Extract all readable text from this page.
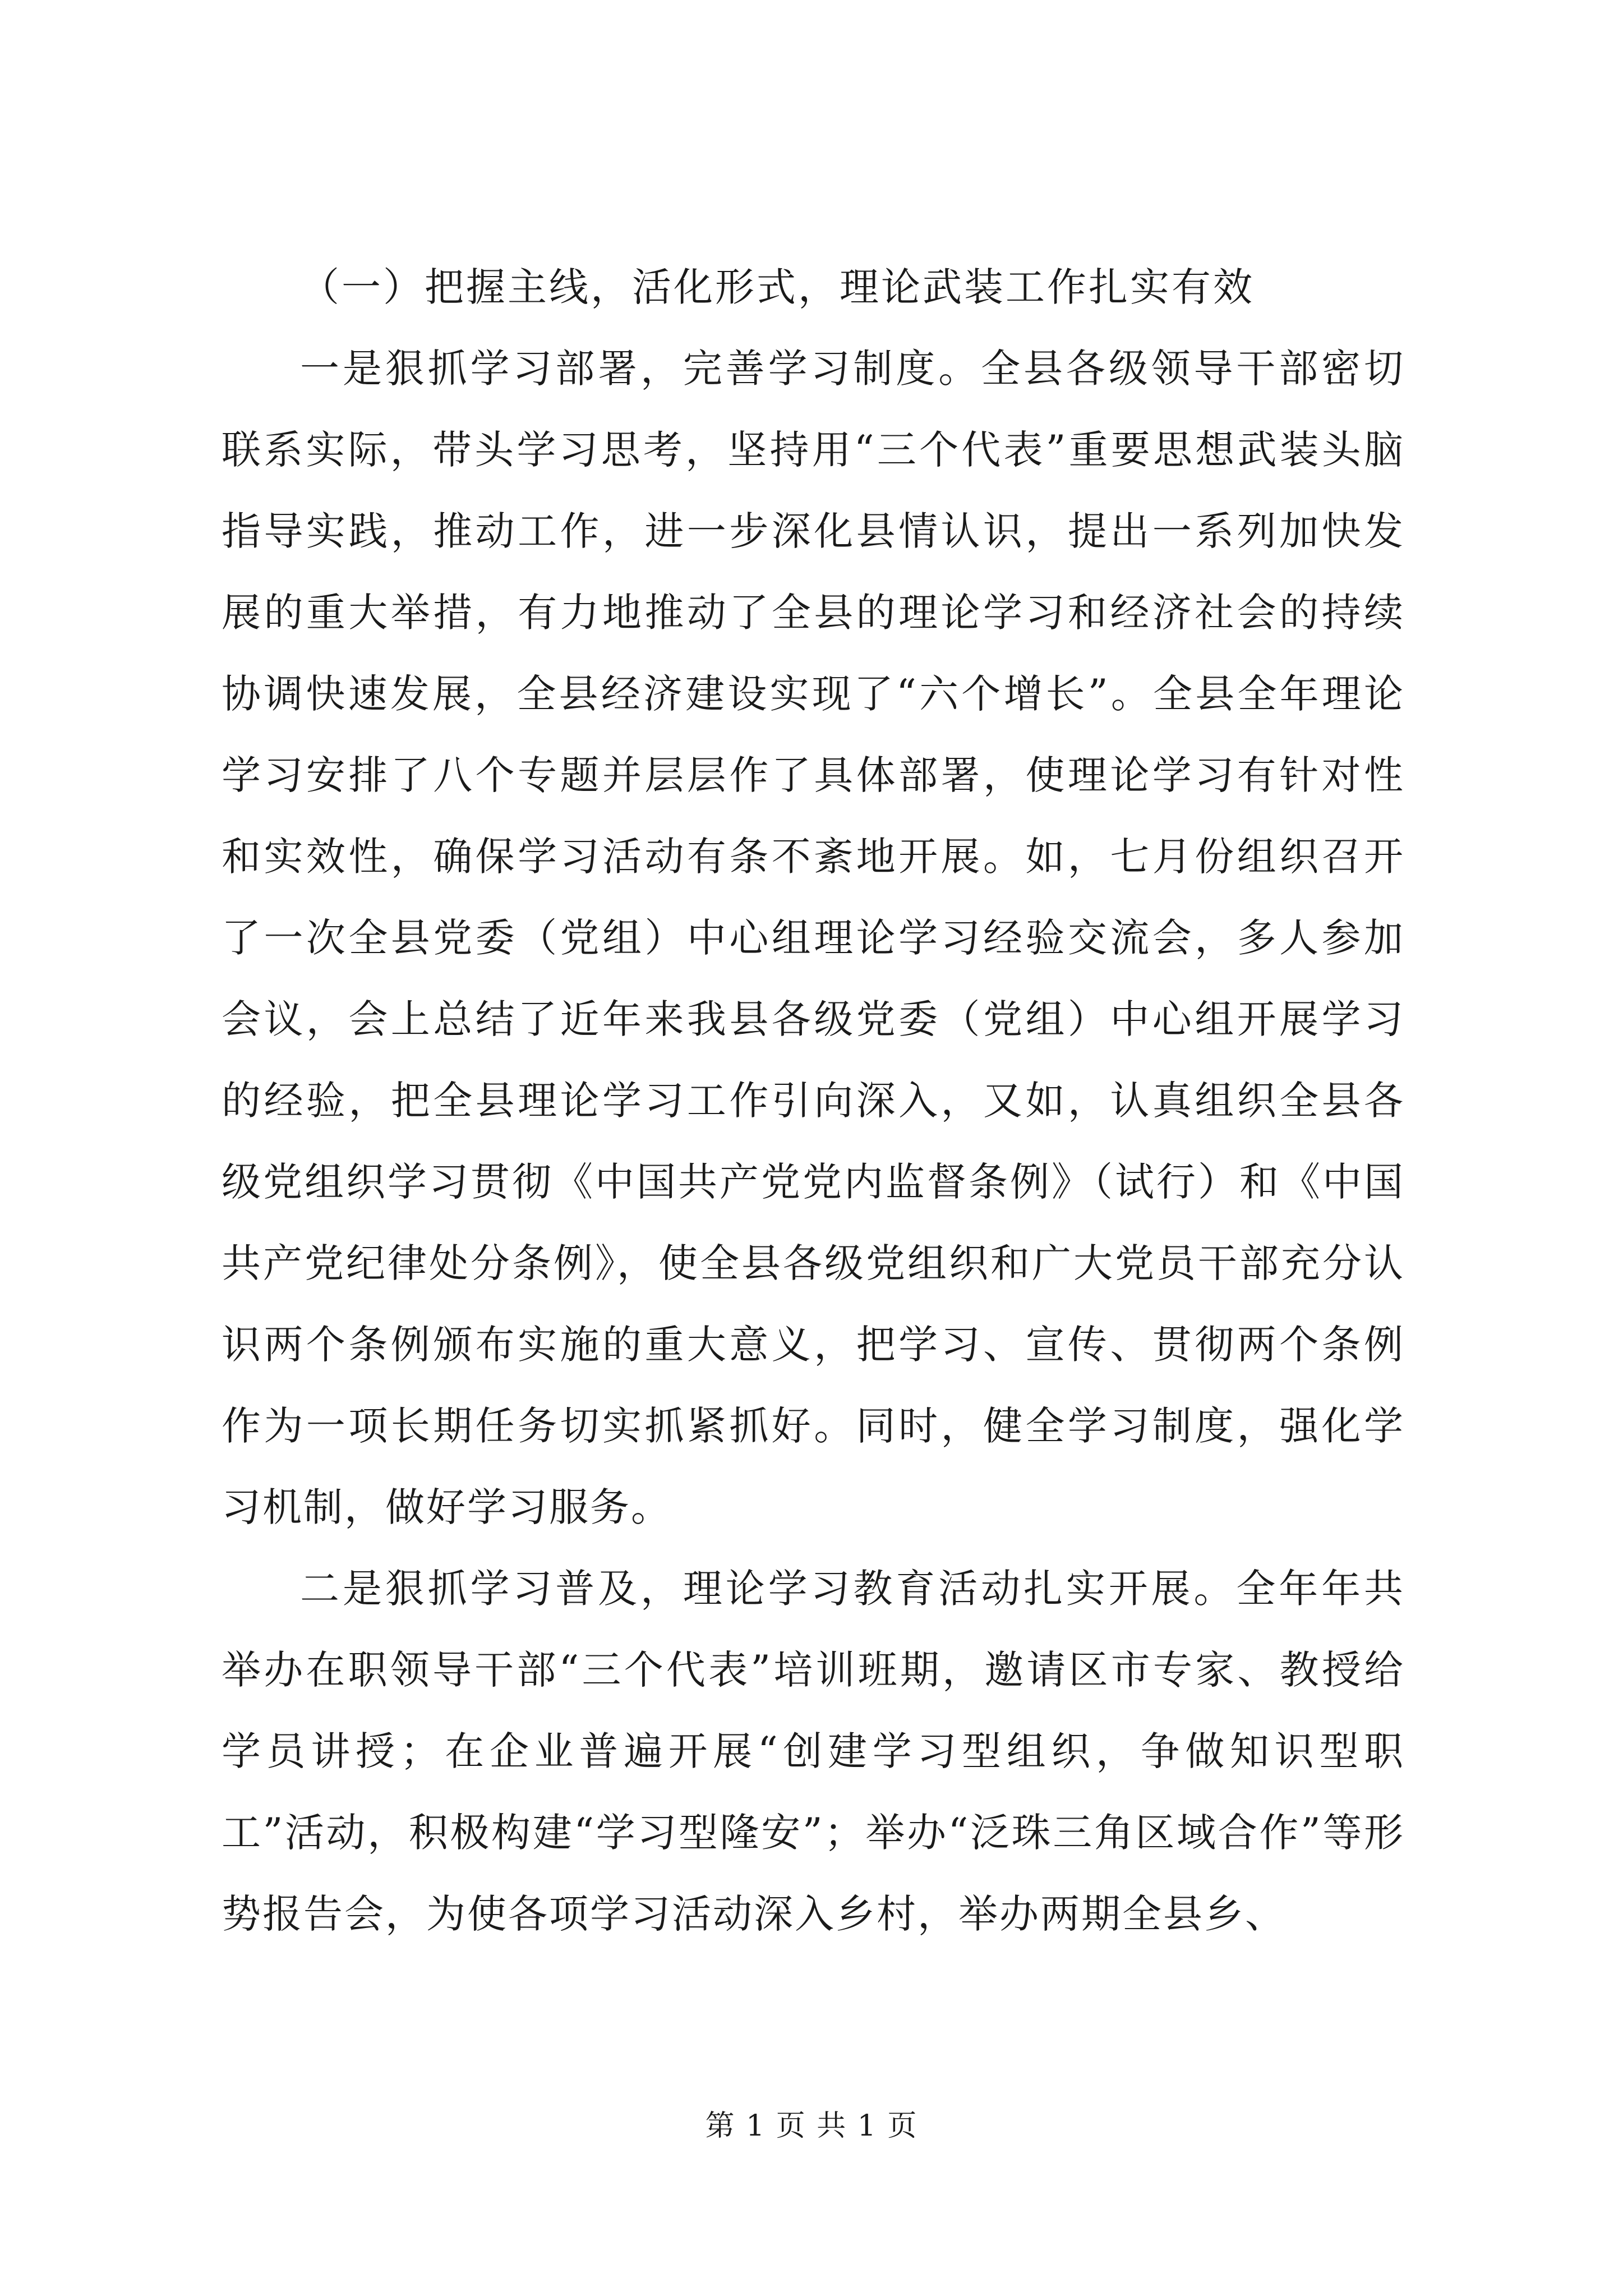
（一）把握主线，活化形式，理论武装工作扎实有效

一是狠抓学习部署，完善学习制度。全县各级领导干部密切联系实际，带头学习思考，坚持用“三个代表”重要思想武装头脑指导实践，推动工作，进一步深化县情认识，提出一系列加快发展的重大举措，有力地推动了全县的理论学习和经济社会的持续协调快速发展，全县经济建设实现了“六个增长”。全县全年理论学习安排了八个专题并层层作了具体部署，使理论学习有针对性和实效性，确保学习活动有条不紊地开展。如，七月份组织召开了一次全县党委（党组）中心组理论学习经验交流会，多人参加会议，会上总结了近年来我县各级党委（党组）中心组开展学习的经验，把全县理论学习工作引向深入，又如，认真组织全县各级党组织学习贯彻《中国共产党党内监督条例》（试行）和《中国共产党纪律处分条例》，使全县各级党组织和广大党员干部充分认识两个条例颁布实施的重大意义，把学习、宣传、贯彻两个条例作为一项长期任务切实抓紧抓好。同时，健全学习制度，强化学习机制，做好学习服务。

二是狠抓学习普及，理论学习教育活动扎实开展。全年年共举办在职领导干部“三个代表”培训班期，邀请区市专家、教授给学员讲授；在企业普遍开展“创建学习型组织，争做知识型职工”活动，积极构建“学习型隆安”；举办“泛珠三角区域合作”等形势报告会，为使各项学习活动深入乡村，举办两期全县乡、

第 1 页 共 1 页
